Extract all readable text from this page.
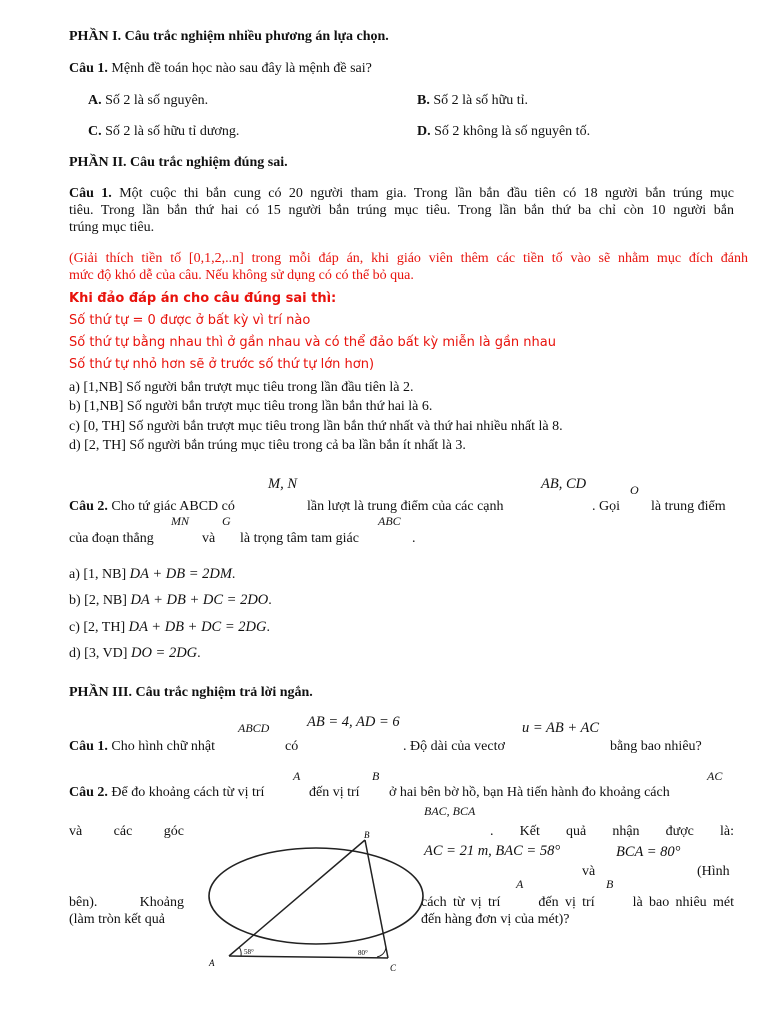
PHẦN I. Câu trắc nghiệm nhiều phương án lựa chọn.
Câu 1. Mệnh đề toán học nào sau đây là mệnh đề sai?
A. Số 2 là số nguyên.	B. Số 2 là số hữu tỉ.
C. Số 2 là số hữu tỉ dương.	D. Số 2 không là số nguyên tố.
PHẦN II. Câu trắc nghiệm đúng sai.
Câu 1. Một cuộc thi bắn cung có 20 người tham gia. Trong lần bắn đầu tiên có 18 người bắn trúng mục
tiêu. Trong lần bắn thứ hai có 15 người bắn trúng mục tiêu. Trong lần bắn thứ ba chỉ còn 10 người bắn
trúng mục tiêu.
(Giải thích tiền tố [0,1,2,..n] trong mỗi đáp án, khi giáo viên thêm các tiền tố vào sẽ nhằm mục đích đánh
mức độ khó dễ của câu. Nếu không sử dụng có có thể bỏ qua.
Khi đảo đáp án cho câu đúng sai thì:
Số thứ tự = 0 được ở bất kỳ vì trí nào
Số thứ tự bằng nhau thì ở gần nhau và có thể đảo bất kỳ miễn là gần nhau
Số thứ tự nhỏ hơn sẽ ở trước số thứ tự lớn hơn)
a) [1,NB] Số người bắn trượt mục tiêu trong lần đầu tiên là 2.
b) [1,NB] Số người bắn trượt mục tiêu trong lần bắn thứ hai là 6.
c) [0, TH] Số người bắn trượt mục tiêu trong lần bắn thứ nhất và thứ hai nhiều nhất là 8.
d) [2, TH] Số người bắn trúng mục tiêu trong cả ba lần bắn ít nhất là 3.
M, N	AB, CD	O
Câu 2. Cho tứ giác ABCD có	lần lượt là trung điểm của các cạnh	. Gọi là trung điểm
MN	G	ABC
của đoạn thẳng	và là trọng tâm tam giác	.
a) [1, NB] DA + DB = 2DM.
b) [2, NB] DA + DB + DC = 2DO.
c) [2, TH] DA + DB + DC = 2DG.
d) [3, VD] DO = 2DG.
PHẦN III. Câu trắc nghiệm trả lời ngắn.
ABCD	AB = 4, AD = 6	u = AB + AC
Câu 1. Cho hình chữ nhật	có	. Độ dài của vectơ	bằng bao nhiêu?
A	B	AC
Câu 2. Để đo khoảng cách từ vị trí	đến vị trí ở hai bên bờ hồ, bạn Hà tiến hành đo khoảng cách
BAC, BCA
và các góc	. Kết quả nhận được là:
AC = 21 m, BAC = 58°
và
BCA = 80°
(Hình
A	B
bên). Khoảng	cách từ vị trí      đến vị trí      là bao nhiêu mét
(làm tròn kết quả	đến hàng đơn vị của mét)?
B
A	C
58°	80°
